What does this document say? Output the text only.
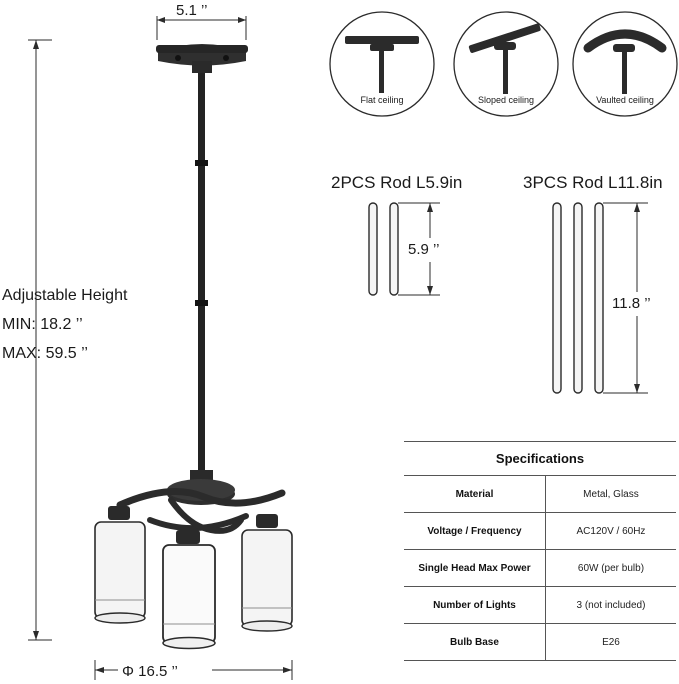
5.1 ’’
Adjustable Height
MIN: 18.2 ’’
MAX: 59.5 ’’
Φ 16.5 ’’
Flat ceiling	Sloped ceiling	Vaulted ceiling
2PCS Rod L5.9in	3PCS Rod L11.8in
5.9 ’’
11.8 ’’
Specifications
Material	Metal, Glass
Voltage / Frequency	AC120V / 60Hz
Single Head Max Power	60W (per bulb)
Number of Lights	3 (not included)
Bulb Base	E26
